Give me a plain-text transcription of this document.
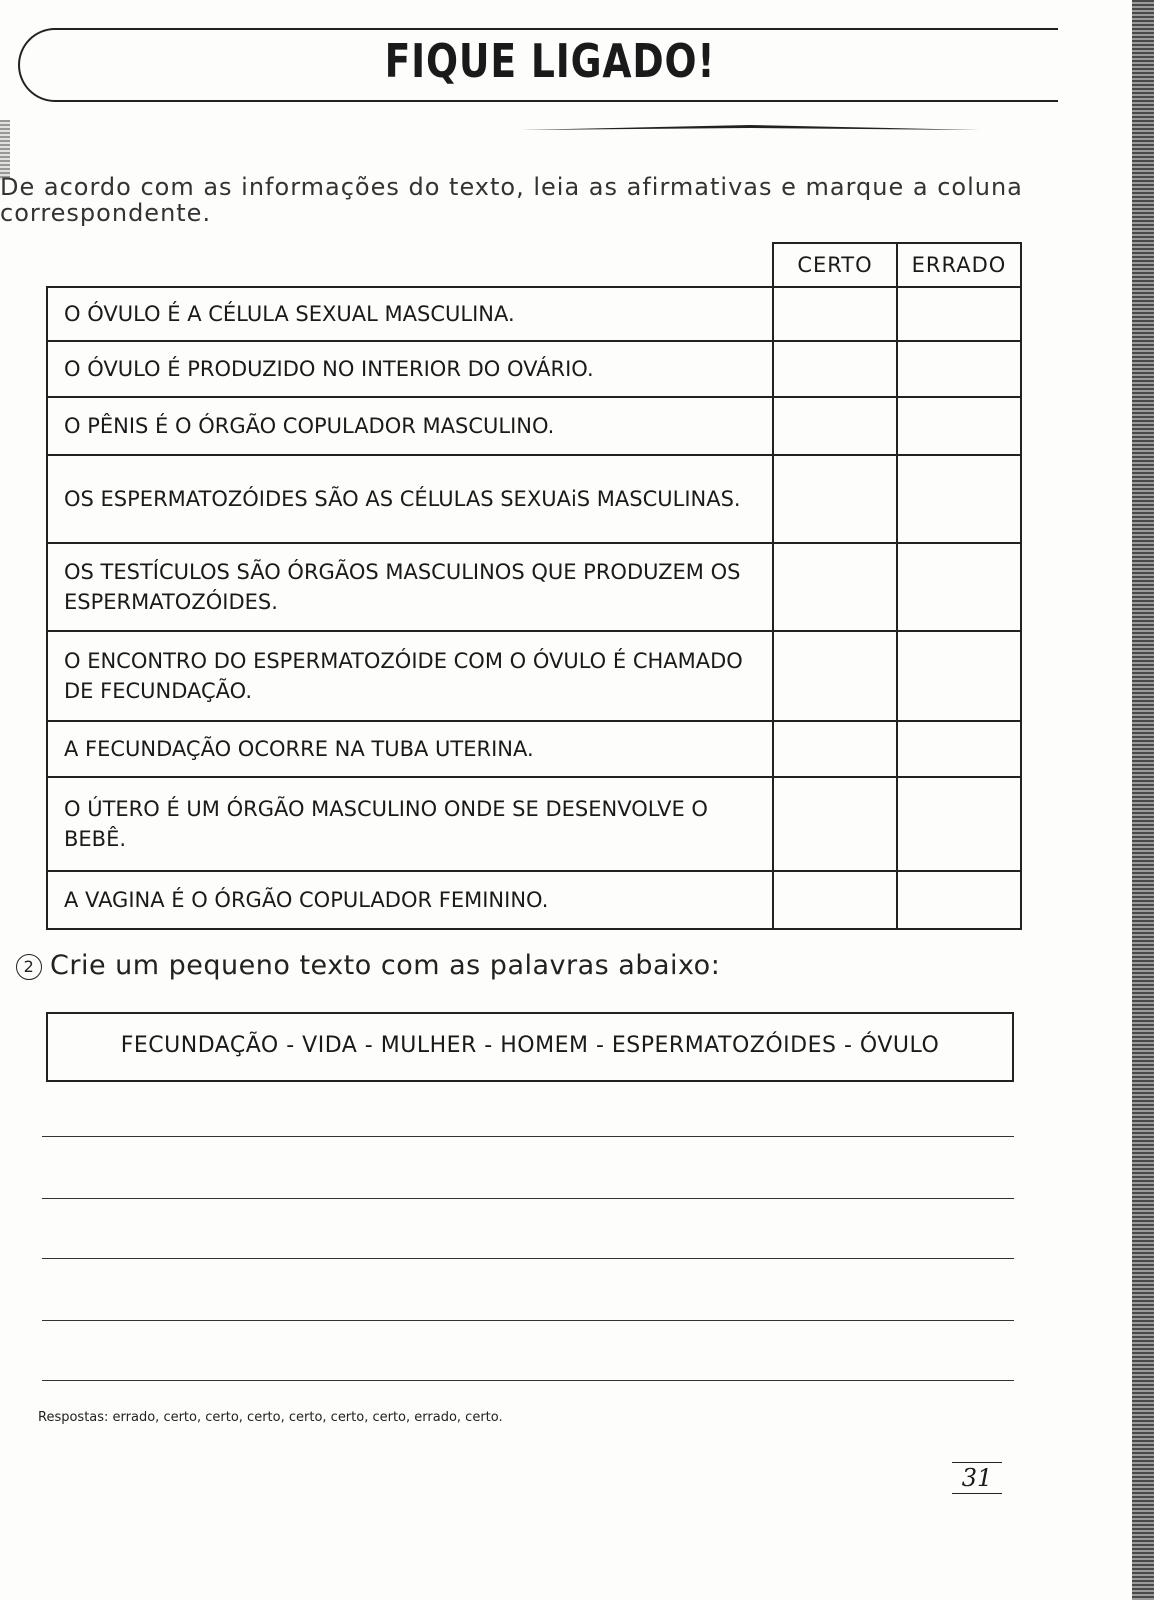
FIQUE LIGADO!
De acordo com as informações do texto, leia as afirmativas e marque a coluna correspondente.
	CERTO	ERRADO
O ÓVULO É A CÉLULA SEXUAL MASCULINA.		
O ÓVULO É PRODUZIDO NO INTERIOR DO OVÁRIO.		
O PÊNIS É O ÓRGÃO COPULADOR MASCULINO.		
OS ESPERMATOZÓIDES SÃO AS CÉLULAS SEXUAiS MASCULINAS.		
OS TESTÍCULOS SÃO ÓRGÃOS MASCULINOS QUE PRODUZEM OS ESPERMATOZÓIDES.		
O ENCONTRO DO ESPERMATOZÓIDE COM O ÓVULO É CHAMADO DE FECUNDAÇÃO.		
A FECUNDAÇÃO OCORRE NA TUBA UTERINA.		
O ÚTERO É UM ÓRGÃO MASCULINO ONDE SE DESENVOLVE O BEBÊ.		
A VAGINA É O ÓRGÃO COPULADOR FEMININO.		
2 Crie um pequeno texto com as palavras abaixo:
FECUNDAÇÃO - VIDA - MULHER - HOMEM - ESPERMATOZÓIDES - ÓVULO
Respostas: errado, certo, certo, certo, certo, certo, certo, errado, certo.
31
